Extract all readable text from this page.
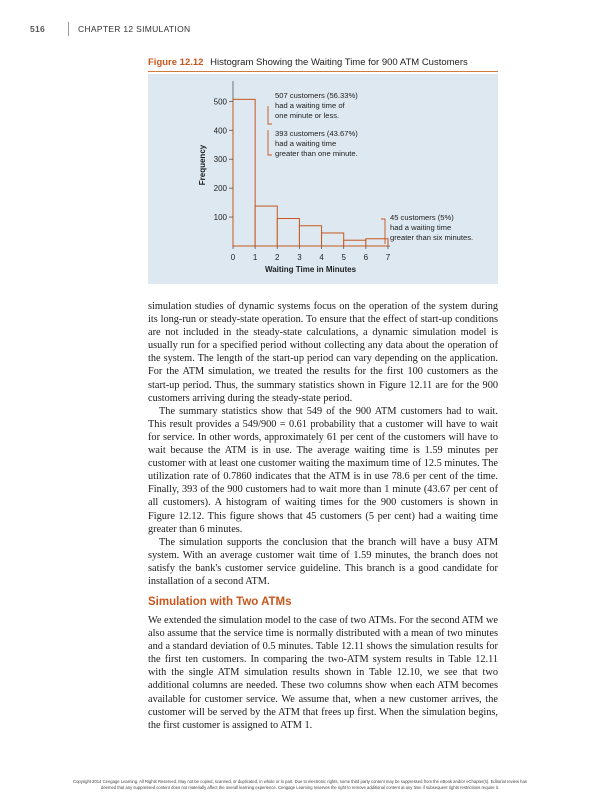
516	CHAPTER 12 SIMULATION
Figure 12.12 Histogram Showing the Waiting Time for 900 ATM Customers
100
200
300
400
500
0 1 2 3 4 5 6 7
Waiting Time in Minutes
Frequency
507 customers (56.33%)
had a waiting time of
one minute or less.
393 customers (43.67%)
had a waiting time
greater than one minute.
45 customers (5%)
had a waiting time
greater than six minutes.

simulation studies of dynamic systems focus on the operation of the system during its long-run or steady-state operation. To ensure that the effect of start-up conditions are not included in the steady-state calculations, a dynamic simulation model is usually run for a specified period without collecting any data about the operation of the system. The length of the start-up period can vary depending on the application. For the ATM simulation, we treated the results for the first 100 customers as the start-up period. Thus, the summary statistics shown in Figure 12.11 are for the 900 customers arriving during the steady-state period.

The summary statistics show that 549 of the 900 ATM customers had to wait. This result provides a 549/900 = 0.61 probability that a customer will have to wait for service. In other words, approximately 61 per cent of the customers will have to wait because the ATM is in use. The average waiting time is 1.59 minutes per customer with at least one customer waiting the maximum time of 12.5 minutes. The utilization rate of 0.7860 indicates that the ATM is in use 78.6 per cent of the time. Finally, 393 of the 900 customers had to wait more than 1 minute (43.67 per cent of all customers). A histogram of waiting times for the 900 customers is shown in Figure 12.12. This figure shows that 45 customers (5 per cent) had a waiting time greater than 6 minutes.

The simulation supports the conclusion that the branch will have a busy ATM system. With an average customer wait time of 1.59 minutes, the branch does not satisfy the bank's customer service guideline. This branch is a good candidate for installation of a second ATM.

Simulation with Two ATMs

We extended the simulation model to the case of two ATMs. For the second ATM we also assume that the service time is normally distributed with a mean of two minutes and a standard deviation of 0.5 minutes. Table 12.11 shows the simulation results for the first ten customers. In comparing the two-ATM system results in Table 12.11 with the single ATM simulation results shown in Table 12.10, we see that two additional columns are needed. These two columns show when each ATM becomes available for customer service. We assume that, when a new customer arrives, the customer will be served by the ATM that frees up first. When the simulation begins, the first customer is assigned to ATM 1.

Copyright 2014 Cengage Learning. All Rights Reserved. May not be copied, scanned, or duplicated, in whole or in part. Due to electronic rights, some third party content may be suppressed from the eBook and/or eChapter(s). Editorial review has
deemed that any suppressed content does not materially affect the overall learning experience. Cengage Learning reserves the right to remove additional content at any time if subsequent rights restrictions require it.
